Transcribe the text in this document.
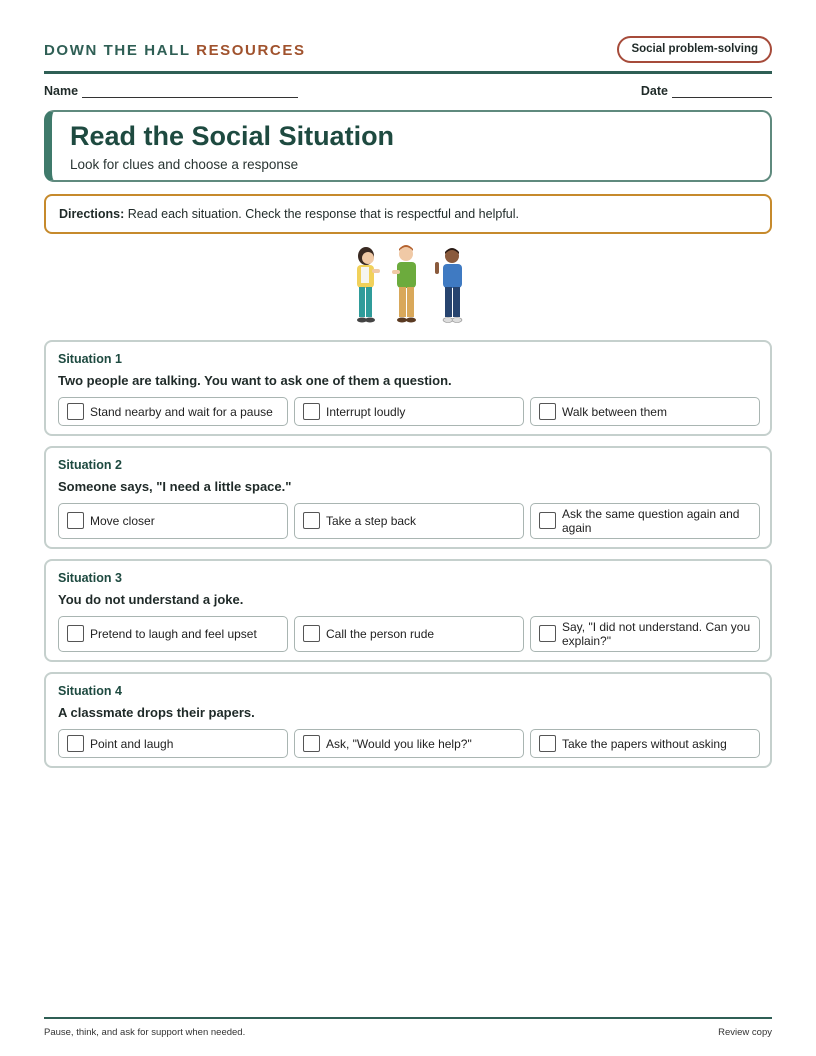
DOWN THE HALL RESOURCES	Social problem-solving
Name	Date
Read the Social Situation
Look for clues and choose a response
Directions: Read each situation. Check the response that is respectful and helpful.
Situation 1
Two people are talking. You want to ask one of them a question.
Stand nearby and wait for a pause	Interrupt loudly	Walk between them
Situation 2
Someone says, "I need a little space."
Move closer	Take a step back	Ask the same question again and again
Situation 3
You do not understand a joke.
Pretend to laugh and feel upset	Call the person rude	Say, "I did not understand. Can you explain?"
Situation 4
A classmate drops their papers.
Point and laugh	Ask, "Would you like help?"	Take the papers without asking
Pause, think, and ask for support when needed.	Review copy
